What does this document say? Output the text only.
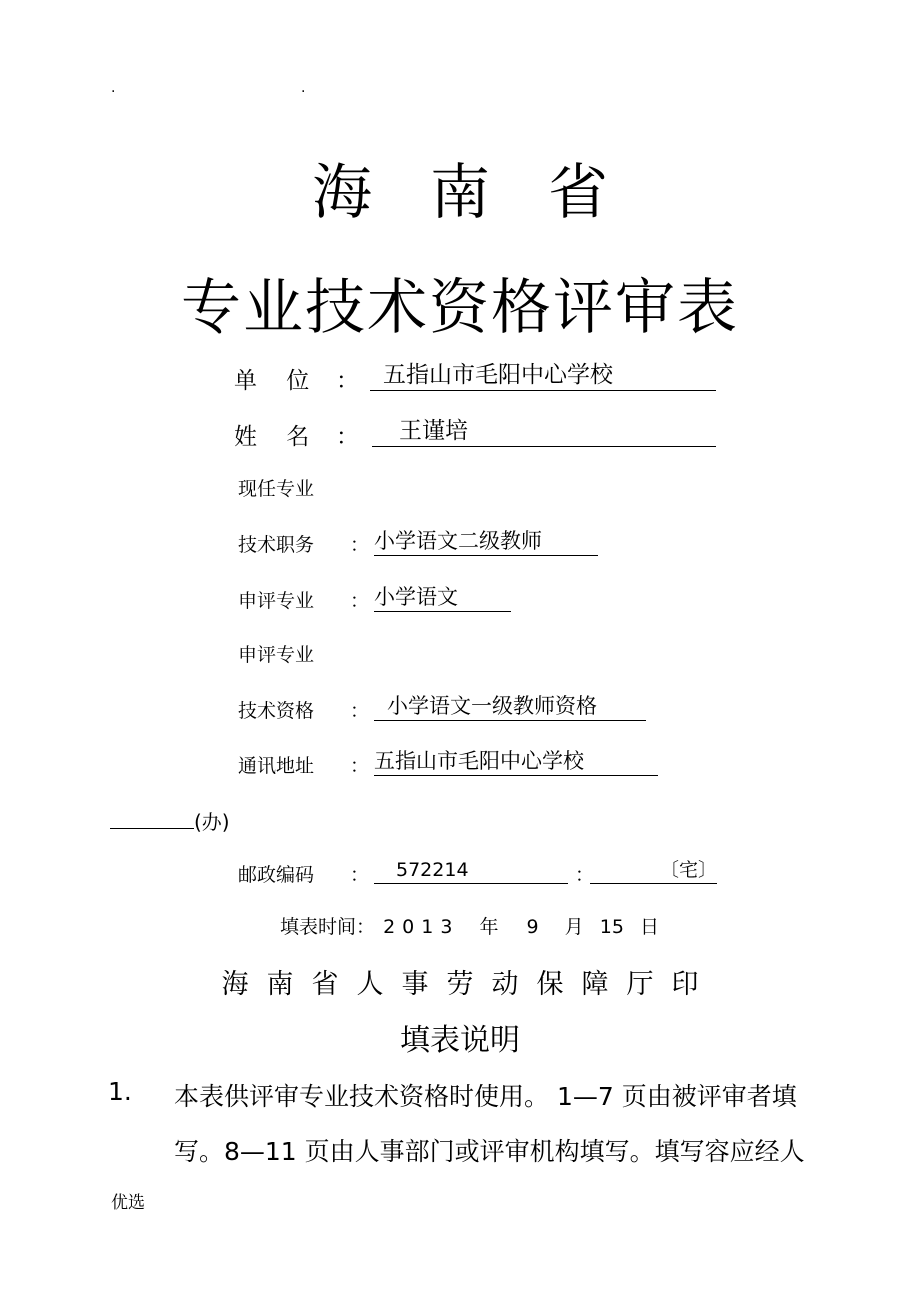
.	.
海南省
专业技术资格评审表
单    位 ：	五指山市毛阳中心学校
姓    名 ：	王谨培
现任专业
技术职务 ： 小学语文二级教师
申评专业 ： 小学语文
申评专业
技术资格 ： 小学语文一级教师资格
通讯地址 ： 五指山市毛阳中心学校
(办)
邮政编码 ：	572214	：	〔宅〕
填表时间： 2013 年 9 月 15 日
海南省人事劳动保障厅印
填表说明
1. 本表供评审专业技术资格时使用。 1—7 页由被评审者填
写。8—11 页由人事部门或评审机构填写。填写容应经人
优选
